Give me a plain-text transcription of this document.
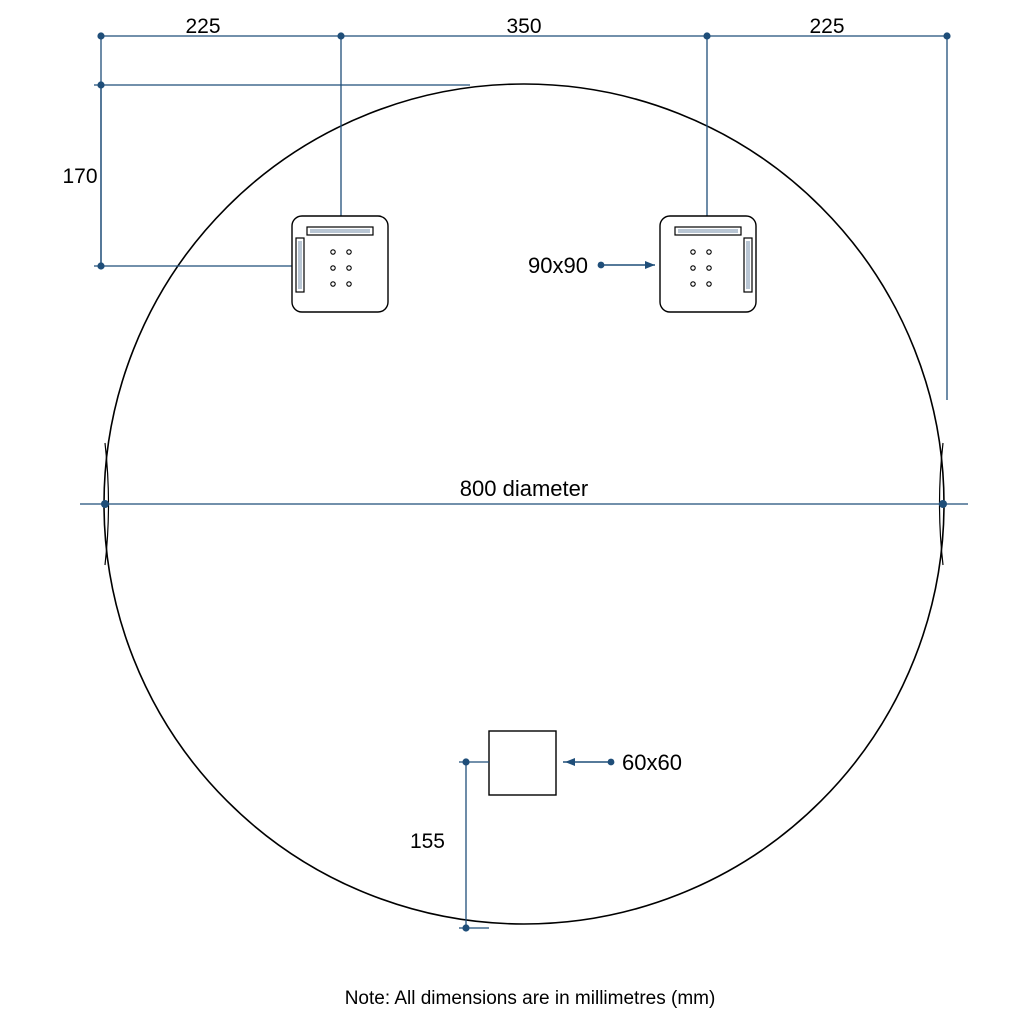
225	350	225
170
800 diameter
90x90
60x60
155
Note: All dimensions are in millimetres (mm)
